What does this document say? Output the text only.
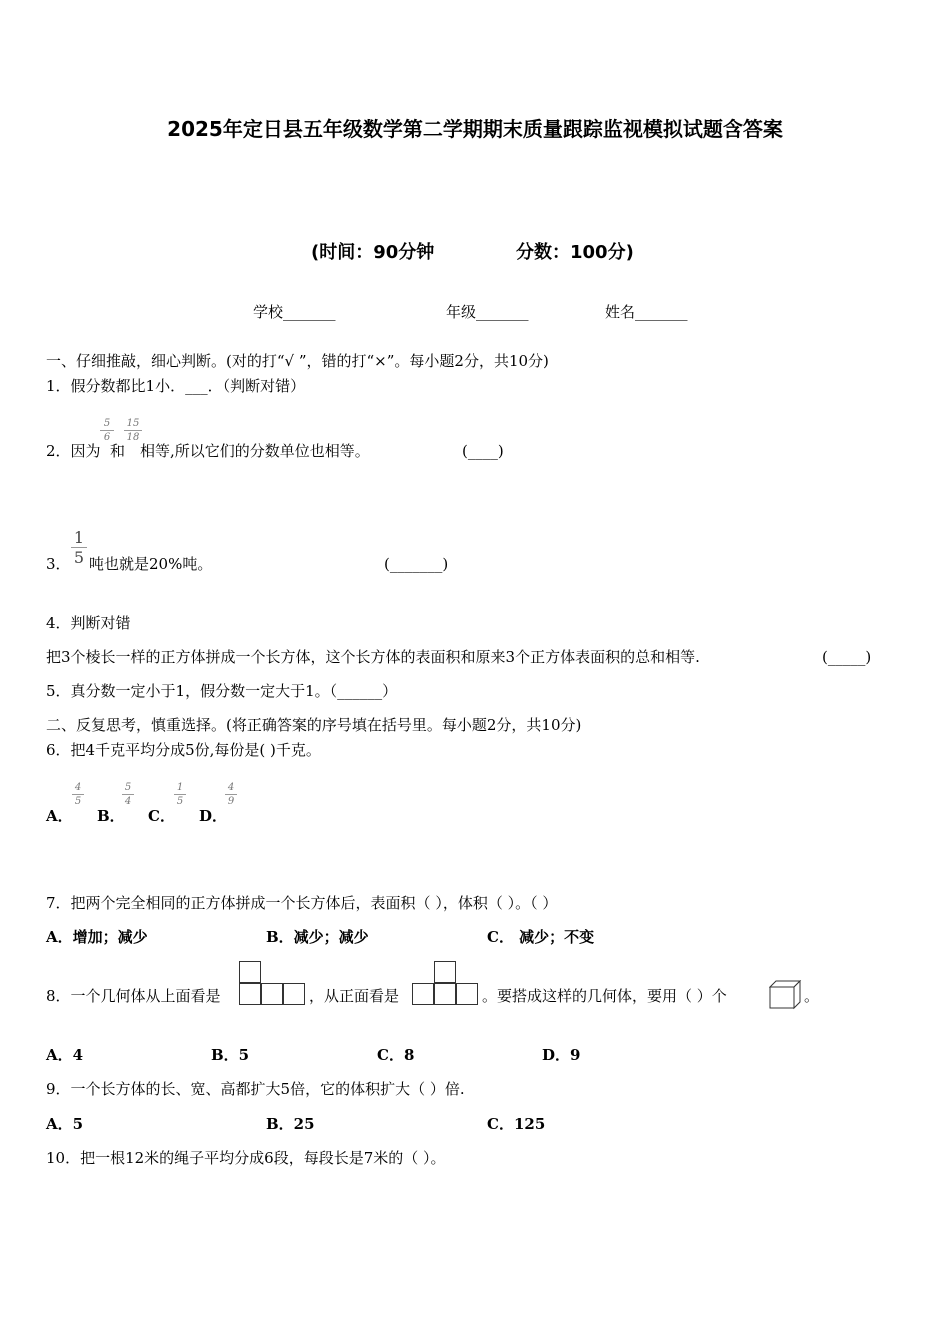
2025年定日县五年级数学第二学期期末质量跟踪监视模拟试题含答案
(时间：90分钟	分数：100分)
学校_______	年级_______	姓名_______
一、仔细推敲，细心判断。(对的打“√ ”，错的打“×”。每小题2分，共10分)
1．假分数都比1小．___．（判断对错）
2．因为
5
6
和
15
18
相等,所以它们的分数单位也相等。	(____)
3．
1
5 吨也就是20%吨。	(_______)
4．判断对错
把3个棱长一样的正方体拼成一个长方体，这个长方体的表面积和原来3个正方体表面积的总和相等.	(_____)
5．真分数一定小于1，假分数一定大于1。（______）
二、反复思考，慎重选择。(将正确答案的序号填在括号里。每小题2分，共10分)
6．把4千克平均分成5份,每份是( )千克。
A．
4
5
B．
5
4
C．
1
5
D．
4
9
7．把两个完全相同的正方体拼成一个长方体后，表面积（ ），体积（ ）。（ ）
A．增加；减少	B．减少；减少	C． 减少；不变
8．一个几何体从上面看是	，从正面看是	。要搭成这样的几何体，要用（ ）个	。
A．4	B．5	C．8	D．9
9．一个长方体的长、宽、高都扩大5倍，它的体积扩大（ ）倍.
A．5	B．25	C．125
10．把一根12米的绳子平均分成6段，每段长是7米的（ ）。
